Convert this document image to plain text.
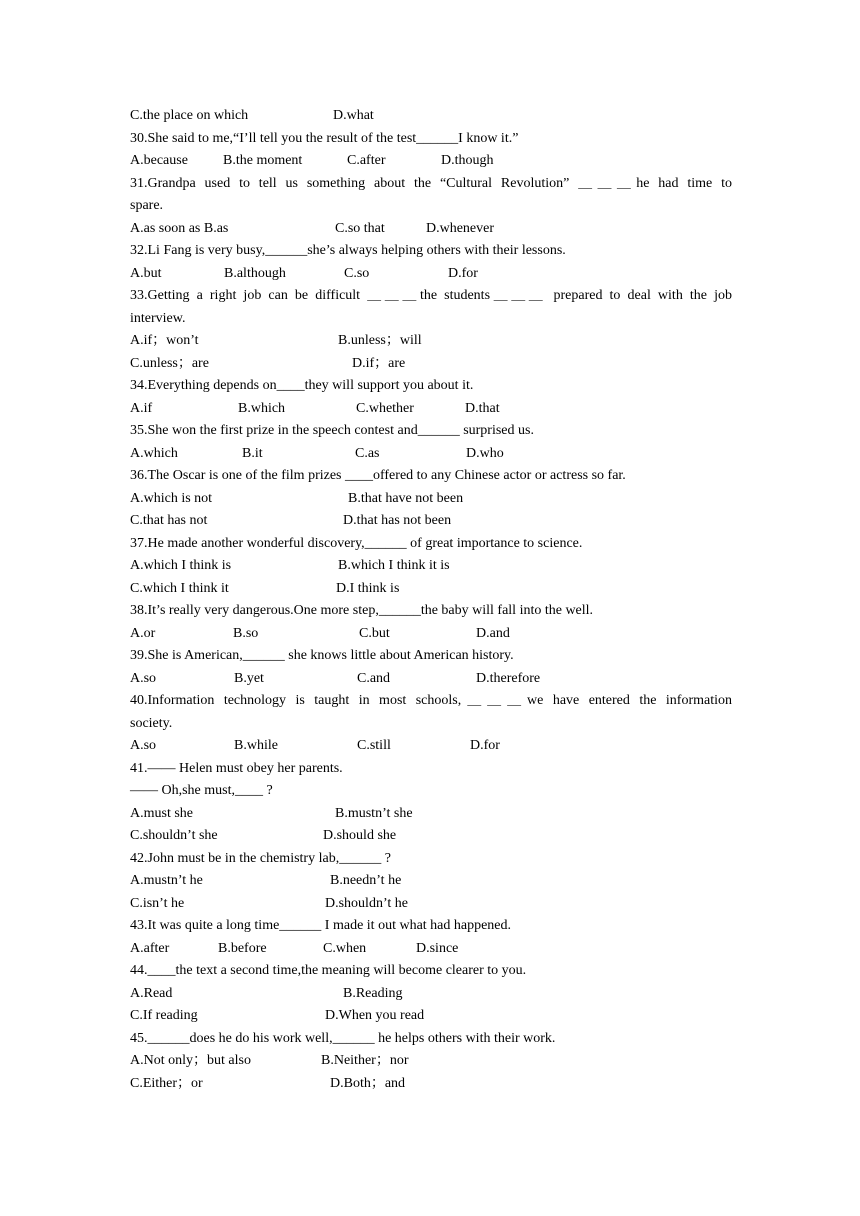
C.the place on which	D.what
30.She said to me,“I’ll tell you the result of the test______I know it.”
A.because	B.the moment	C.after	D.though
31.Grandpa used to tell us something about the “Cultural Revolution” ＿＿＿he had time to
spare.
A.as soon as B.as	C.so that	D.whenever
32.Li Fang is very busy,______she’s always helping others with their lessons.
A.but	B.although	C.so	D.for
33.Getting a right job can be difficult ＿＿＿the students＿＿＿ prepared to deal with the job
interview.
A.if；won’t	B.unless；will
C.unless；are	D.if；are
34.Everything depends on____they will support you about it.
A.if	B.which	C.whether	D.that
35.She won the first prize in the speech contest and______ surprised us.
A.which	B.it	C.as	D.who
36.The Oscar is one of the film prizes ____offered to any Chinese actor or actress so far.
A.which is not	B.that have not been
C.that has not	D.that has not been
37.He made another wonderful discovery,______ of great importance to science.
A.which I think is	B.which I think it is
C.which I think it	D.I think is
38.It’s really very dangerous.One more step,______the baby will fall into the well.
A.or	B.so	C.but	D.and
39.She is American,______ she knows little about American history.
A.so	B.yet	C.and	D.therefore
40.Information technology is taught in most schools,＿＿＿we have entered the information
society.
A.so	B.while	C.still	D.for
41.—— Helen must obey her parents.
—— Oh,she must,____ ?
A.must she	B.mustn’t she
C.shouldn’t she	D.should she
42.John must be in the chemistry lab,______ ?
A.mustn’t he	B.needn’t he
C.isn’t he	D.shouldn’t he
43.It was quite a long time______ I made it out what had happened.
A.after	B.before	C.when	D.since
44.____the text a second time,the meaning will become clearer to you.
A.Read	B.Reading
C.If reading	D.When you read
45.______does he do his work well,______ he helps others with their work.
A.Not only；but also	B.Neither；nor
C.Either；or	D.Both；and
